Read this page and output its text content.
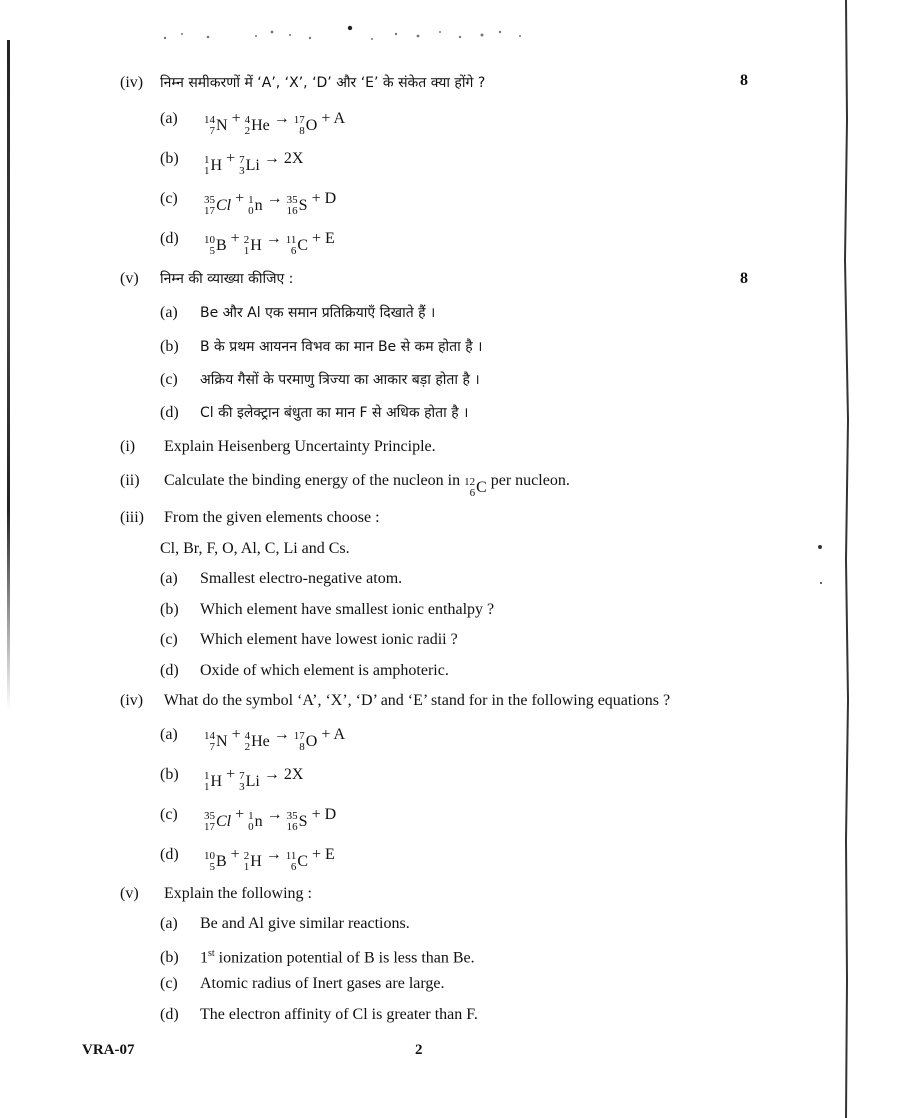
(iv) निम्न समीकरणों में ‘A’, ‘X’, ‘D’ और ‘E’ के संकेत क्या होंगे ?	8
(a) 14
7 N + 4
2 He → 17
8 O + A
(b) 1
1 H + 7
3 Li → 2X
(c) 35
17 Cl + 1
0 n → 35
16 S + D
(d) 10
5 B + 2
1 H → 11
6 C + E
(v) निम्न की व्याख्या कीजिए :	8
(a) Be और Al एक समान प्रतिक्रियाएँ दिखाते हैं ।
(b) B के प्रथम आयनन विभव का मान Be से कम होता है ।
(c) अक्रिय गैसों के परमाणु त्रिज्या का आकार बड़ा होता है ।
(d) Cl की इलेक्ट्रान बंधुता का मान F से अधिक होता है ।
(i) Explain Heisenberg Uncertainty Principle.
(ii) Calculate the binding energy of the nucleon in 12
6 C per nucleon.
(iii) From the given elements choose :
Cl, Br, F, O, Al, C, Li and Cs.
(a) Smallest electro-negative atom.
(b) Which element have smallest ionic enthalpy ?
(c) Which element have lowest ionic radii ?
(d) Oxide of which element is amphoteric.
(iv) What do the symbol ‘A’, ‘X’, ‘D’ and ‘E’ stand for in the following equations ?
(a) 14
7 N + 4
2 He → 17
8 O + A
(b) 1
1 H + 7
3 Li → 2X
(c) 35
17 Cl + 1
0 n → 35
16 S + D
(d) 10
5 B + 2
1 H → 11
6 C + E
(v) Explain the following :
(a) Be and Al give similar reactions.
(b) 1st ionization potential of B is less than Be.
(c) Atomic radius of Inert gases are large.
(d) The electron affinity of Cl is greater than F.
VRA-07	2
